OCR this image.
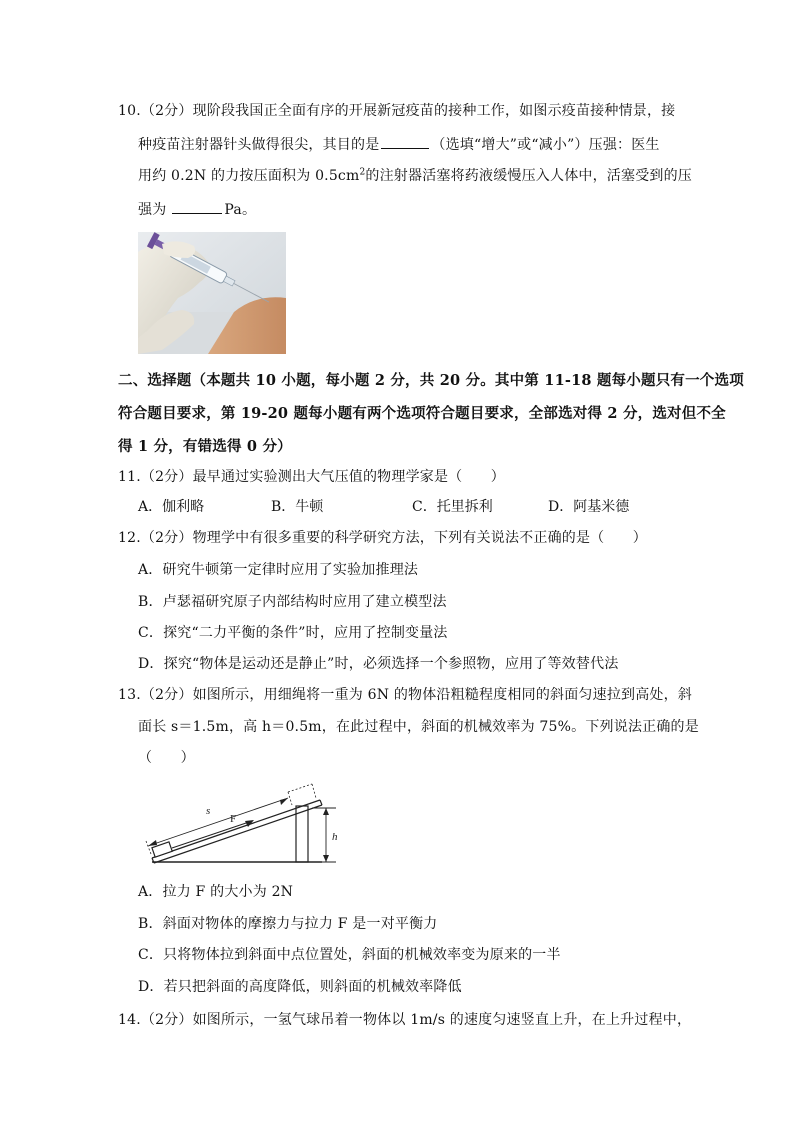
10.（2分）现阶段我国正全面有序的开展新冠疫苗的接种工作，如图示疫苗接种情景，接
种疫苗注射器针头做得很尖，其目的是	（选填“增大”或“减小”）压强：医生
用约 0.2N 的力按压面积为 $0.5cm^2$的注射器活塞将药液缓慢压入人体中，活塞受到的压
强为	Pa。
二、选择题（本题共 10 小题，每小题 2 分，共 20 分。其中第 11-18 题每小题只有一个选项
符合题目要求，第 19-20 题每小题有两个选项符合题目要求，全部选对得 2 分，选对但不全
得 1 分，有错选得 0 分）
11.（2分）最早通过实验测出大气压值的物理学家是（　　）
A．伽利略	B．牛顿	C．托里拆利	D．阿基米德
12.（2分）物理学中有很多重要的科学研究方法，下列有关说法不正确的是（　　）
A．研究牛顿第一定律时应用了实验加推理法
B．卢瑟福研究原子内部结构时应用了建立模型法
C．探究“二力平衡的条件”时，应用了控制变量法
D．探究“物体是运动还是静止”时，必须选择一个参照物，应用了等效替代法
13.（2分）如图所示，用细绳将一重为 6N 的物体沿粗糙程度相同的斜面匀速拉到高处，斜
面长 s＝1.5m，高 h＝0.5m，在此过程中，斜面的机械效率为 75%。下列说法正确的是
（　　）
F
s
h
A．拉力 F 的大小为 2N
B．斜面对物体的摩擦力与拉力 F 是一对平衡力
C．只将物体拉到斜面中点位置处，斜面的机械效率变为原来的一半
D．若只把斜面的高度降低，则斜面的机械效率降低
14.（2分）如图所示，一氢气球吊着一物体以 1m/s 的速度匀速竖直上升，在上升过程中，
